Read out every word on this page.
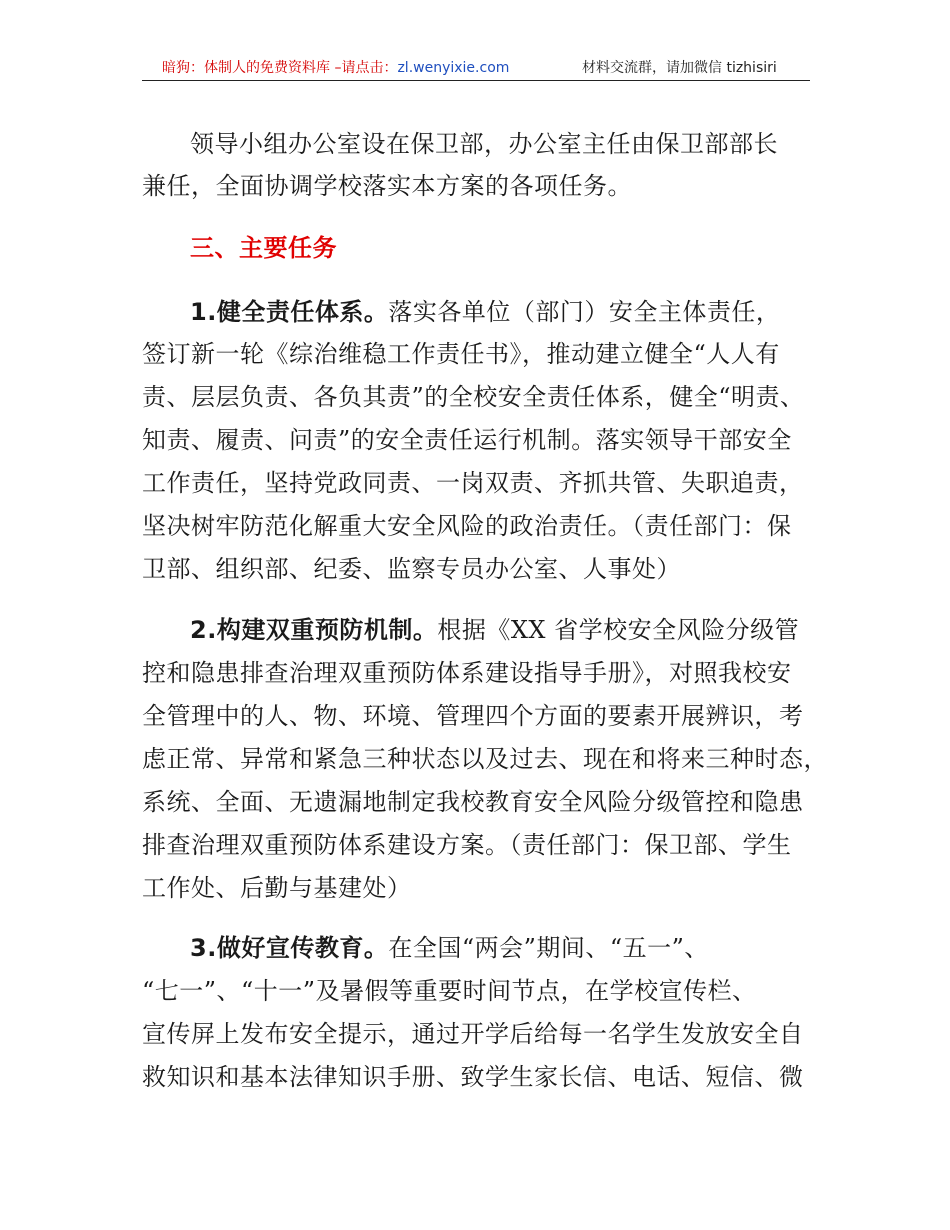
暗狗：体制人的免费资料库 –请点击：zl.wenyixie.com	材料交流群，请加微信 tizhisiri
领导小组办公室设在保卫部，办公室主任由保卫部部长
兼任，全面协调学校落实本方案的各项任务。
三、主要任务
1.健全责任体系。落实各单位（部门）安全主体责任，
签订新一轮《综治维稳工作责任书》，推动建立健全“人人有
责、层层负责、各负其责”的全校安全责任体系，健全“明责、
知责、履责、问责”的安全责任运行机制。落实领导干部安全
工作责任，坚持党政同责、一岗双责、齐抓共管、失职追责，
坚决树牢防范化解重大安全风险的政治责任。（责任部门：保
卫部、组织部、纪委、监察专员办公室、人事处）
2.构建双重预防机制。根据《XX 省学校安全风险分级管
控和隐患排查治理双重预防体系建设指导手册》，对照我校安
全管理中的人、物、环境、管理四个方面的要素开展辨识，考
虑正常、异常和紧急三种状态以及过去、现在和将来三种时态，
系统、全面、无遗漏地制定我校教育安全风险分级管控和隐患
排查治理双重预防体系建设方案。（责任部门：保卫部、学生
工作处、后勤与基建处）
3.做好宣传教育。在全国“两会”期间、“五一”、
“七一”、“十一”及暑假等重要时间节点，在学校宣传栏、
宣传屏上发布安全提示，通过开学后给每一名学生发放安全自
救知识和基本法律知识手册、致学生家长信、电话、短信、微
